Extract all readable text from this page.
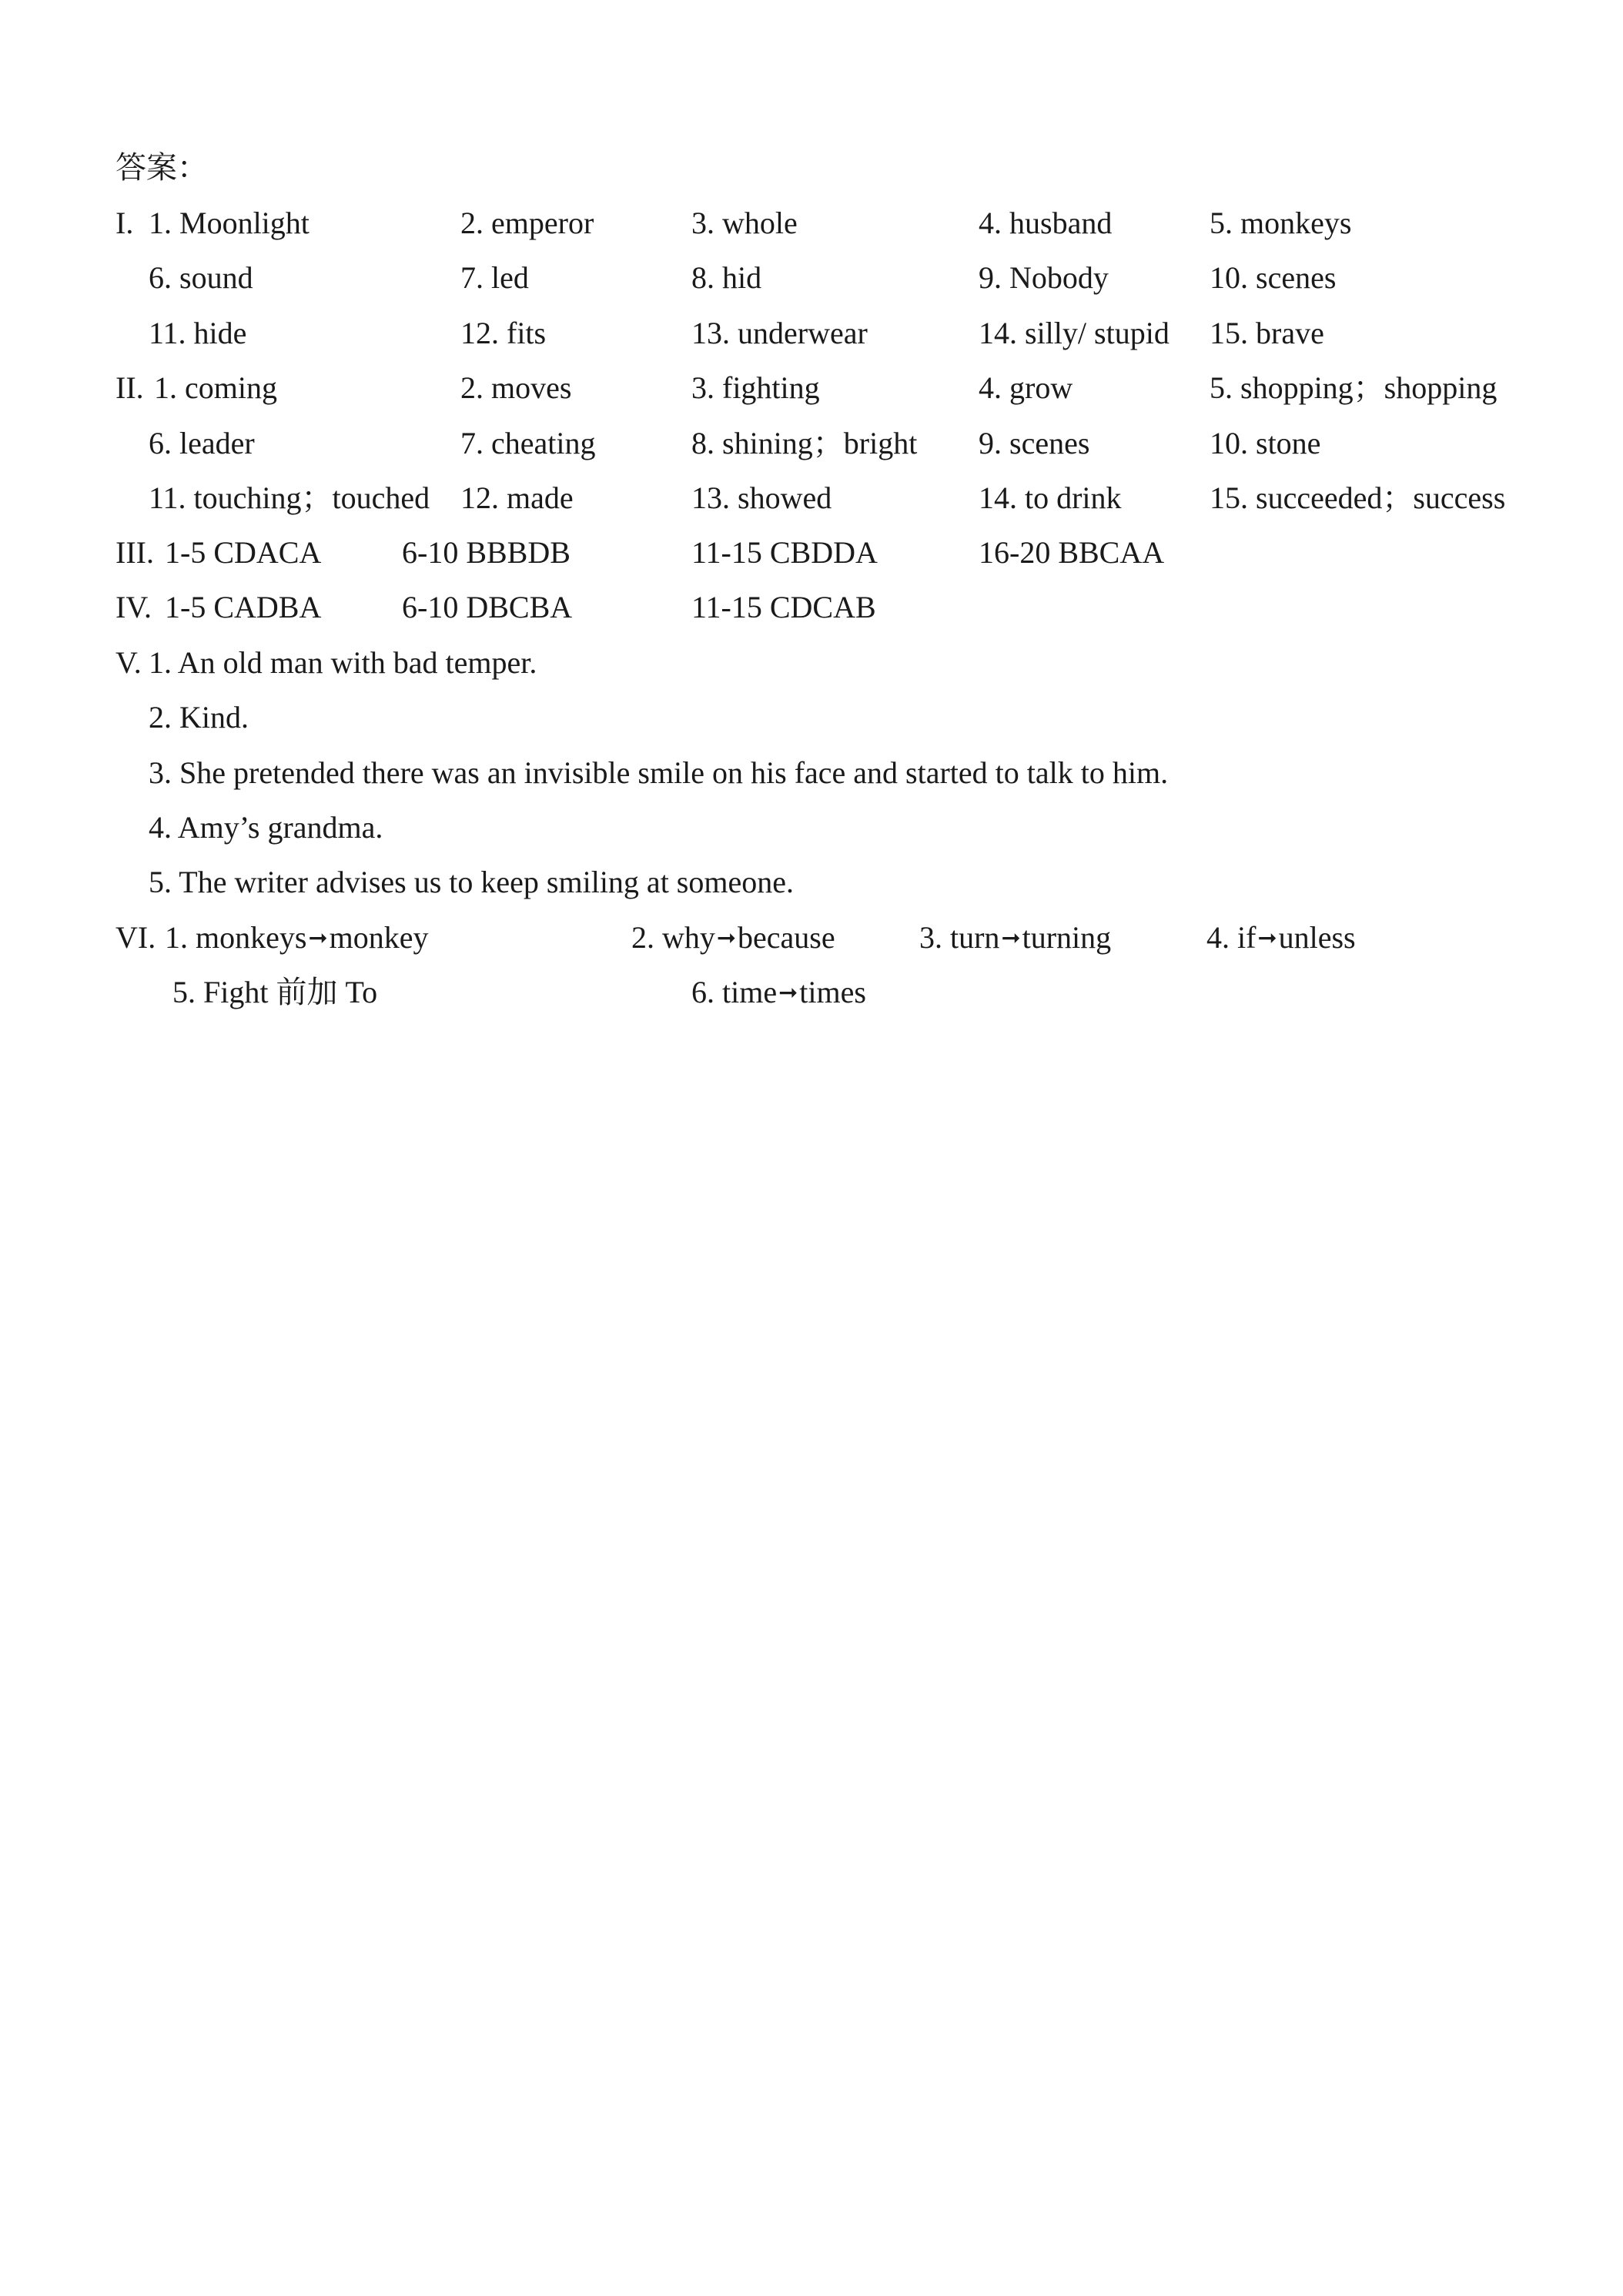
答案：
I. 1. Moonlight	2. emperor	3. whole	4. husband	5. monkeys
6. sound	7. led	8. hid	9. Nobody	10. scenes
11. hide	12. fits	13. underwear	14. silly/ stupid 15. brave
II. 1. coming	2. moves	3. fighting	4. grow	5. shopping；shopping
6. leader	7. cheating	8. shining；bright 9. scenes	10. stone
11. touching；touched 12. made	13. showed	14. to drink	15. succeeded；success
III. 1-5 CDACA	6-10 BBBDB	11-15 CBDDA	16-20 BBCAA
IV. 1-5 CADBA	6-10 DBCBA	11-15 CDCAB
V. 1. An old man with bad temper.
2. Kind.
3. She pretended there was an invisible smile on his face and started to talk to him.
4. Amy’s grandma.
5. The writer advises us to keep smiling at someone.
VI. 1. monkeys➞monkey	2. why➞because	3. turn➞turning	4. if➞unless
5. Fight 前加 To	6. time➞times
